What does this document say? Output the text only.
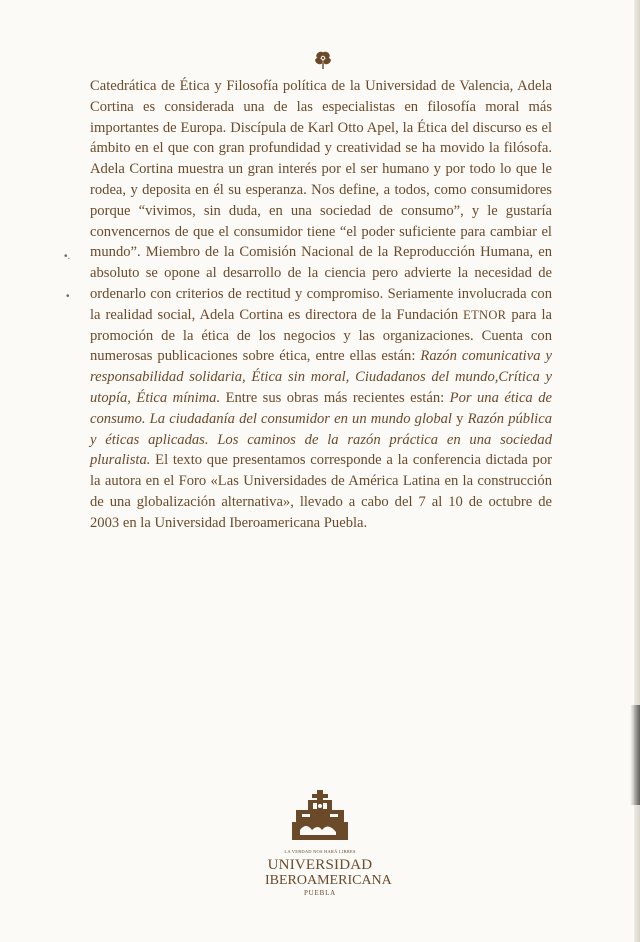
•.
•

Catedrática de Ética y Filosofía política de la Universidad de Valencia, Adela Cortina es considerada una de las especialistas en filosofía moral más importantes de Europa. Discípula de Karl Otto Apel, la Ética del discurso es el ámbito en el que con gran profundidad y creatividad se ha movido la filósofa. Adela Cortina muestra un gran interés por el ser humano y por todo lo que le rodea, y deposita en él su esperanza. Nos define, a todos, como consumidores porque “vivimos, sin duda, en una sociedad de consumo”, y le gustaría convencernos de que el consumidor tiene “el poder suficiente para cambiar el mundo”. Miembro de la Comisión Nacional de la Reproducción Humana, en absoluto se opone al desarrollo de la ciencia pero advierte la necesidad de ordenarlo con criterios de rectitud y compromiso. Seriamente involucrada con la realidad social, Adela Cortina es directora de la Fundación ETNOR para la promoción de la ética de los negocios y las organizaciones. Cuenta con numerosas publicaciones sobre ética, entre ellas están: Razón comunicativa y responsabilidad solidaria, Ética sin moral, Ciudadanos del mundo,Crítica y utopía, Ética mínima. Entre sus obras más recientes están: Por una ética de consumo. La ciudadanía del consumidor en un mundo global y Razón pública y éticas aplicadas. Los caminos de la razón práctica en una sociedad pluralista. El texto que presentamos corresponde a la conferencia dictada por la autora en el Foro «Las Universidades de América Latina en la construcción de una globalización alternativa», llevado a cabo del 7 al 10 de octubre de 2003 en la Universidad Iberoamericana Puebla.

LA VERDAD NOS HARÁ LIBRES
UNIVERSIDAD
IBEROAMERICANA
PUEBLA
